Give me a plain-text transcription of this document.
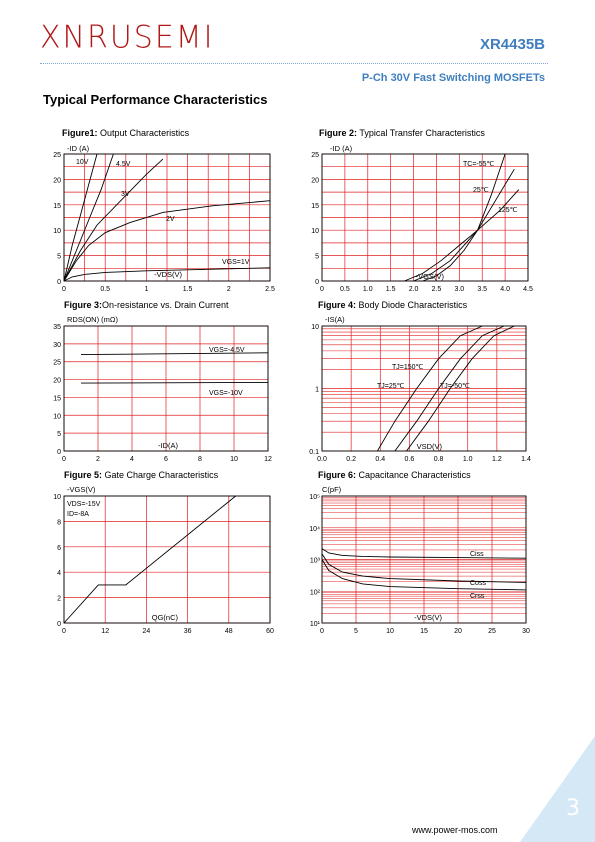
XNRUSEMI	XR4435B
P-Ch 30V Fast Switching MOSFETs
Typical Performance Characteristics
Figure1: Output Characteristics	Figure 2: Typical Transfer Characteristics
Figure 3:On-resistance vs. Drain Current	Figure 4: Body Diode Characteristics
Figure 5: Gate Charge Characteristics	Figure 6: Capacitance Characteristics
0	0.5	1	1.5	2	2.5
0
5
10
15
20
25
-ID (A)
-VDS(V)
10V	4.5V
3V
2V
VGS=1V
0 0.5 1.0 1.5 2.0 2.5 3.0 3.5 4.0 4.5
0
5
10
15
20
25
-ID (A)
-VGS(V)
TC=-55℃
25℃
125℃
0	2	4	6	8	10	12
0
5
10
15
20
25
30
35
RDS(ON) (mΩ)
-ID(A)
VGS=-4.5V
VGS=-10V
0.0	0.2	0.4	0.6	0.8	1.0	1.2	1.4
0.1
1
10
-IS(A)
VSD(V)
TJ=150℃
TJ=25℃	TJ=-50℃
0	12	24	36	48	60
0
2
4
6
8
10
-VGS(V)
QG(nC)
VDS=-15V
ID=-8A
0	5	10	15	20	25	30
10¹
10²
10³
10⁴
10⁵
C(pF)
-VDS(V)
Ciss
Coss
Crss
3
www.power-mos.com
